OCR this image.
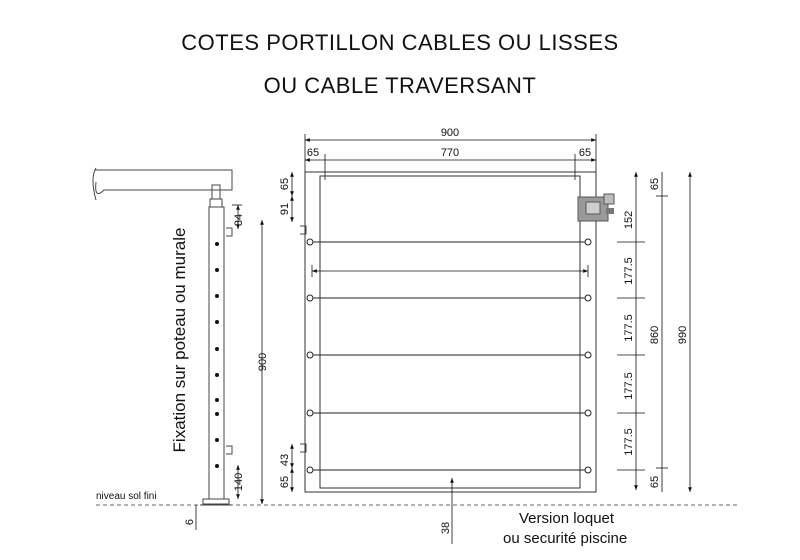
COTES PORTILLON CABLES OU LISSES
OU CABLE TRAVERSANT
34
900
140
6
Fixation sur poteau ou murale
niveau sol fini
900
770
65	65
65
91
43
65
152
177.5
177.5
177.5
177.5
65
65
860 990
38
Version loquet
ou securité piscine
